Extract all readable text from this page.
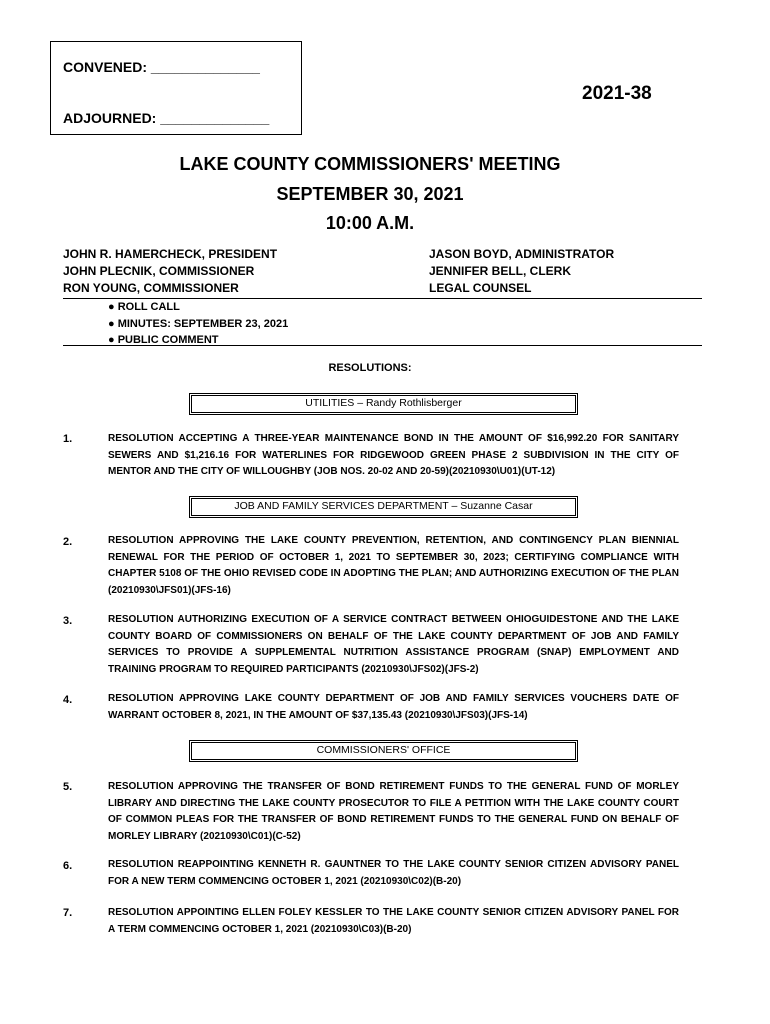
CONVENED: ______________
ADJOURNED: ______________
2021-38
LAKE COUNTY COMMISSIONERS' MEETING
SEPTEMBER 30, 2021
10:00 A.M.
JOHN R. HAMERCHECK, PRESIDENT
JOHN PLECNIK, COMMISSIONER
RON YOUNG, COMMISSIONER
JASON BOYD, ADMINISTRATOR
JENNIFER BELL, CLERK
LEGAL COUNSEL
● ROLL CALL
● MINUTES: SEPTEMBER 23, 2021
● PUBLIC COMMENT
RESOLUTIONS:
UTILITIES – Randy Rothlisberger
1.	RESOLUTION ACCEPTING A THREE-YEAR MAINTENANCE BOND IN THE AMOUNT OF $16,992.20 FOR SANITARY SEWERS AND $1,216.16 FOR WATERLINES FOR RIDGEWOOD GREEN PHASE 2 SUBDIVISION IN THE CITY OF MENTOR AND THE CITY OF WILLOUGHBY (JOB NOS. 20-02 AND 20-59)(20210930\U01)(UT-12)
JOB AND FAMILY SERVICES DEPARTMENT – Suzanne Casar
2.	RESOLUTION APPROVING THE LAKE COUNTY PREVENTION, RETENTION, AND CONTINGENCY PLAN BIENNIAL RENEWAL FOR THE PERIOD OF OCTOBER 1, 2021 TO SEPTEMBER 30, 2023; CERTIFYING COMPLIANCE WITH CHAPTER 5108 OF THE OHIO REVISED CODE IN ADOPTING THE PLAN; AND AUTHORIZING EXECUTION OF THE PLAN (20210930\JFS01)(JFS-16)
3.	RESOLUTION AUTHORIZING EXECUTION OF A SERVICE CONTRACT BETWEEN OHIOGUIDESTONE AND THE LAKE COUNTY BOARD OF COMMISSIONERS ON BEHALF OF THE LAKE COUNTY DEPARTMENT OF JOB AND FAMILY SERVICES TO PROVIDE A SUPPLEMENTAL NUTRITION ASSISTANCE PROGRAM (SNAP) EMPLOYMENT AND TRAINING PROGRAM TO REQUIRED PARTICIPANTS (20210930\JFS02)(JFS-2)
4.	RESOLUTION APPROVING LAKE COUNTY DEPARTMENT OF JOB AND FAMILY SERVICES VOUCHERS DATE OF WARRANT OCTOBER 8, 2021, IN THE AMOUNT OF $37,135.43 (20210930\JFS03)(JFS-14)
COMMISSIONERS' OFFICE
5.	RESOLUTION APPROVING THE TRANSFER OF BOND RETIREMENT FUNDS TO THE GENERAL FUND OF MORLEY LIBRARY AND DIRECTING THE LAKE COUNTY PROSECUTOR TO FILE A PETITION WITH THE LAKE COUNTY COURT OF COMMON PLEAS FOR THE TRANSFER OF BOND RETIREMENT FUNDS TO THE GENERAL FUND ON BEHALF OF MORLEY LIBRARY (20210930\C01)(C-52)
6.	RESOLUTION REAPPOINTING KENNETH R. GAUNTNER TO THE LAKE COUNTY SENIOR CITIZEN ADVISORY PANEL FOR A NEW TERM COMMENCING OCTOBER 1, 2021 (20210930\C02)(B-20)
7.	RESOLUTION APPOINTING ELLEN FOLEY KESSLER TO THE LAKE COUNTY SENIOR CITIZEN ADVISORY PANEL FOR A TERM COMMENCING OCTOBER 1, 2021 (20210930\C03)(B-20)
